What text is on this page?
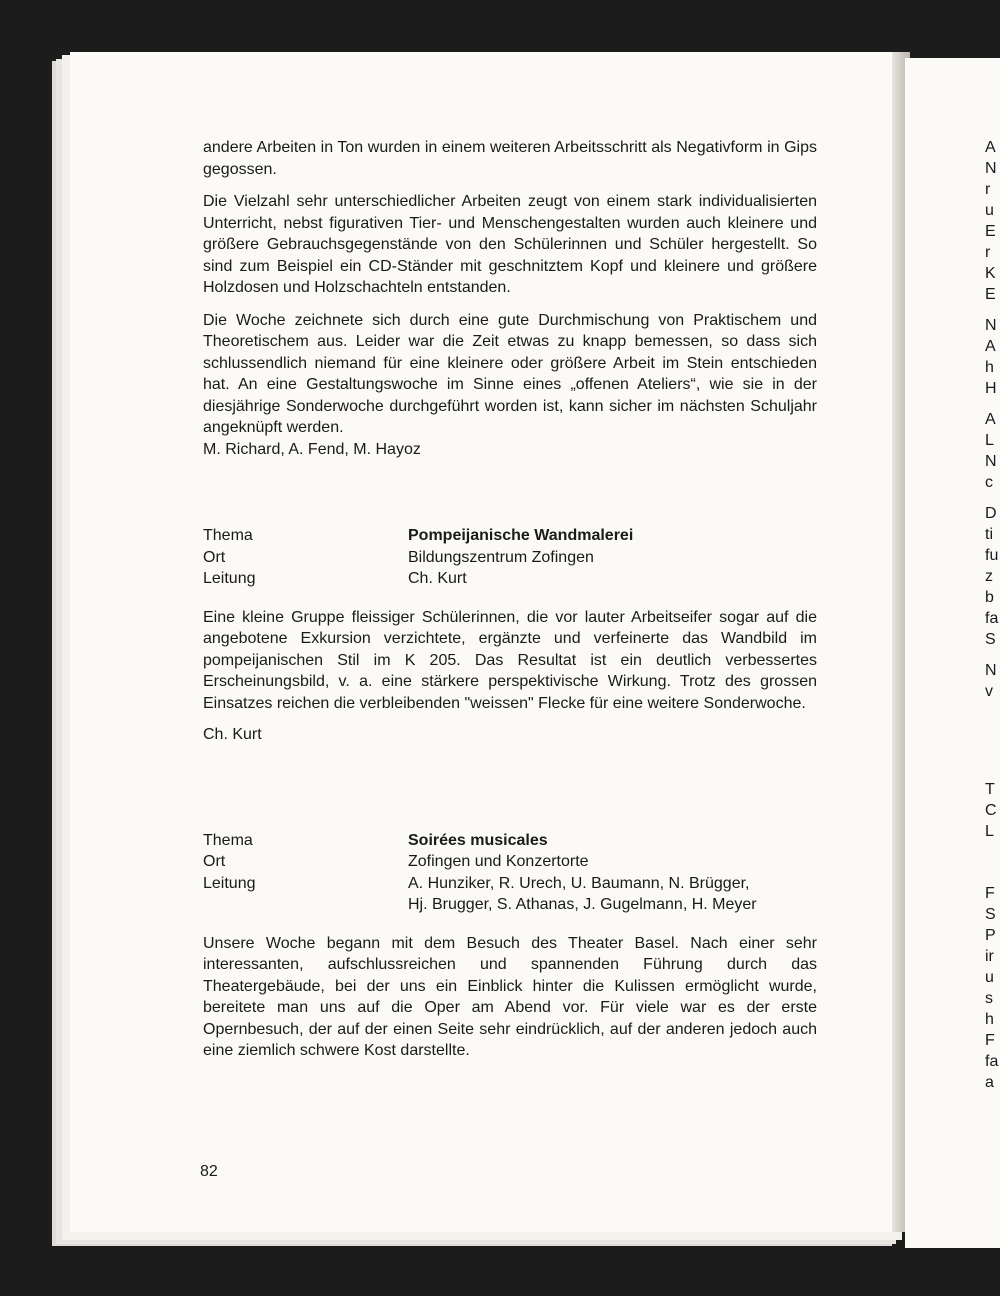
A
N
r
u
E
r
K
E
N
A
h
H
A
L
N
c
D
ti
fu
z
b
fa
S
N
v
T
C
L
F
S
P
ir
u
s
h
F
fa
a

andere Arbeiten in Ton wurden in einem weiteren Arbeitsschritt als Negativform in Gips gegossen.

Die Vielzahl sehr unterschiedlicher Arbeiten zeugt von einem stark individualisierten Unterricht, nebst figurativen Tier- und Menschengestalten wurden auch kleinere und größere Gebrauchsgegenstände von den Schülerinnen und Schüler hergestellt. So sind zum Beispiel ein CD-Ständer mit geschnitztem Kopf und kleinere und größere Holzdosen und Holzschachteln entstanden.

Die Woche zeichnete sich durch eine gute Durchmischung von Praktischem und Theoretischem aus. Leider war die Zeit etwas zu knapp bemessen, so dass sich schlussendlich niemand für eine kleinere oder größere Arbeit im Stein entschieden hat. An eine Gestaltungswoche im Sinne eines „offenen Ateliers“, wie sie in der diesjährige Sonderwoche durchgeführt worden ist, kann sicher im nächsten Schuljahr angeknüpft werden.

M. Richard, A. Fend, M. Hayoz

Thema	Pompeijanische Wandmalerei
Ort	Bildungszentrum Zofingen
Leitung	Ch. Kurt

Eine kleine Gruppe fleissiger Schülerinnen, die vor lauter Arbeitseifer sogar auf die angebotene Exkursion verzichtete, ergänzte und verfeinerte das Wandbild im pompeijanischen Stil im K 205. Das Resultat ist ein deutlich verbessertes Erscheinungsbild, v. a. eine stärkere perspektivische Wirkung. Trotz des grossen Einsatzes reichen die verbleibenden "weissen" Flecke für eine weitere Sonderwoche.

Ch. Kurt

Thema	Soirées musicales
Ort	Zofingen und Konzertorte
Leitung	A. Hunziker, R. Urech, U. Baumann, N. Brügger,
Hj. Brugger, S. Athanas, J. Gugelmann, H. Meyer

Unsere Woche begann mit dem Besuch des Theater Basel. Nach einer sehr interessanten, aufschlussreichen und spannenden Führung durch das Theatergebäude, bei der uns ein Einblick hinter die Kulissen ermöglicht wurde, bereitete man uns auf die Oper am Abend vor. Für viele war es der erste Opernbesuch, der auf der einen Seite sehr eindrücklich, auf der anderen jedoch auch eine ziemlich schwere Kost darstellte.

82
